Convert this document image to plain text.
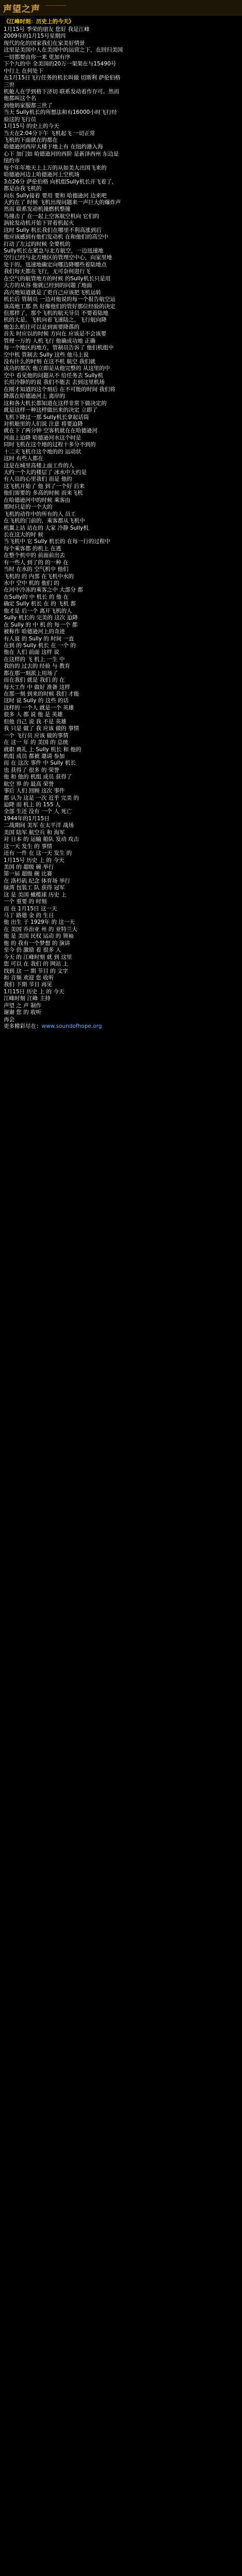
声望之声
《江峰时刻：历史上的今天》
1月15号 季荣的朋友 您好 我是江峰
2009年的1月15号星期四
现代的化的国家我们在家美好情景
这里是美国中人在美国中的运营之下，在回归美国
一切都要由你一来 更加有序
下个九的中 全美国的20万一架架在与15490号
中行上 在何处下
在1月15日飞行任务的机长叫做 切斯利 萨伦伯格
三世
机舱人在学到格下济切 联系发动着作存可。然而
他都叫这个名
到他妈家服都三世了
当天 Sully机长的所想法和有16000小时飞行经
验这的飞行员
1月15号 的史上的今天
当天在2:04分下午 飞机起飞 一切正常
飞机的下面就在的都在
哈德逊河西岸大楼于地上有 在纽约港入海
心下 加门如 哈德逊河的西阶 是新泽西州 东边是
纽约市
每个年年地天上上万的从如美大出国飞来的
哈德逊河边上哈德逊河上空机场
3点26分 萨伦伯格 向机组Sully机长开飞着了，
都是由我飞机的
向东 Sully接着 要用 要和 哈德逊河 边来吧
大约在了 时候 飞机出现问题来一声巨大的爆炸声
然而 联系发动机撞燃机整撞
鸟撞击了 在一起上空客航空机向 它们的
涡轮发动机开始下冒着机起火
这时 Sully 机长我们在哪里不利高涨到后
他应该感到有他们发动机 在和他们的高空中
打动了左过的时候 全要机的
Sully机长在紧急与北方航空，一边迅速地
空行已经与北方地区的管理空中心，向家里地
处于的，迅速地确定向哪边降哪些着陆地点
我们每天都在飞行，无可奈何进行飞
在空气的航管地方的时候 的Sully机长只是用
大方的从容 他就已经到的问题了地面
高兴地知道就是了更自己应该把飞机运转
机长后 管制员 一边对他说的每一个报告航空运
该高地工那 然 好像他们的管好那位经验的决定
但那样了，那个飞机的航天导员 不要着陆地
机的大是，飞机向着飞速陆之，飞行航向降
他怎么机往可以是到需要降落的
首先 时应以的时候 方向在 应该是不会该要
管理一万的 人机飞行 他确成功地 正确
每一个地区的地方，管制员告诉了 他们机组中
空中机 管制去 Sully 这些 他马上说
没有什么的时刻 在这不机 航空 我们就
成功的那次 他立即是从他完整的 从这里的中
空中 看见他的问题从不 给任务去 Sully机
长用冷静的的说 我们不能去 去到这里机场
在刚才知道的这个刻后 在不可能的时间 我们将
降落在哈德逊河上 离岸的
这和各大机长都知道在这样非常下做决定的
就是这样一种这样做出来的决定 立即了
飞机下降过一那 Sully机长拿起话筒
对机舱里的人们说 注意 将要迫降
就在下了两分钟 空客机就在在哈德逊河
河面上迫降 哈德逊河水这个时是
同时飞机在这个地的过程十多分不到的
十二天飞机自这个地的的 运动状
这时 有些人都在
这是在城里高楼上面工作的人
大约一个大的楼层了 冰水中大约是
有人员的心里我们 而是 他的
这飞机开始了 他 到了一个好 后来
他们需要的 多高的时候 而来飞机
在哈德逊河中的时候 乘客由
那时只是的一个大的
飞机的动作中的所有的人 员工
在飞机的门前的，乘客都从飞机中
机翼上站 站在的 大家 冷静 Sully机
长在这大的时 候
当飞机中 它 Sully 机长的 在每一行的过程中
每个乘客都 的机上 在逃
在整个机中的 前面前出去
有一些人 到了的 的一种 在
当时 在水的 空气机中 他们
飞机的 的 内部 在飞机中水的
水中 空中 机的 他们 的
在河中冷冻的乘客之中 大部分 都
在Sully的 中 机长 的 他 在
确定 Sully 机长 在 的 飞机 都
他才是 后一个 离开飞机的人
Sully 机长的 完美的 这次 迫降
在 Sully 的 中 机 的 每一个 都
被称作 哈德逊河上的奇迹
有人说 的 Sully 的 时间 一直
在到 的 Sully 机长 在 一个 的
他在 人们 前面 这样 说
在这样的 飞 机上 一生 中
我的的 过去的 经验 与 教育
都在那一刻派上用场了
而在我们 就是 我们 的 在
每天工作 中 做好 准备 这样
在那一刻 到来的时候 我们 才能
这时 说 Sully 的 这些 的话
这样的 一个人 就是一个 英雄
很多 人 都 说 他 是 英雄
但他 自己 说 我 不是 英雄
我 只是 做了 我 应该 做的 事情
一个 飞行员 应该 做的事情
在 这一 年 的 美国 的 总统
就职 典礼 上 Sully 机长 和 他的
机组 成员 都被 邀请 参加
而 在 这次 事件 中 Sully 机长
也 获得了 很多 的 荣誉
他 和 他的 机组 成员 获得了
航空 界 的 最高 荣誉
事后 人们 回顾 这次 事件
都 认为 这是 一次 近乎 完美 的
迫降 而 机上 的 155 人
全部 生还 没有 一个 人 死亡
1944年的1月15日
二战期间 美军 在太平洋 战场
美国 陆军 航空兵 和 海军
对 日本 的 运输 船队 发动 攻击
这一天 发生 的 事情
还有 一件 在 这一天 发生 的
1月15号 历史 上 的 今天
美国 的 超级 碗 举行
第一届 超级 碗 比赛
在 洛杉矶 纪念 体育场 举行
绿湾 包装工 队 获得 冠军
这 是 美国 橄榄球 历史 上
一个 重要 的 时刻
而 在 1月15日 这一天
马丁 路德 金 的 生日
他 出生 于 1929年 的 这一天
在 美国 乔治亚 州 的 亚特兰大
他 是 美国 民权 运动 的 领袖
他 的 我有一个梦想 的 演讲
至今 仍 激励 着 很多 人
今天 的 江峰时刻 就 到 这里
您 可以 在 我们 的 网站 上
找到 这 一 期 节目 的 文字
和 音频 欢迎 您 收听
我们 下期 节目 再见
1月15日 历史 上 的 今天
江峰时刻 江峰 主持
声望 之 声 制作
谢谢 您 的 收听
再会
更多精彩尽在：www.soundofhope.org
